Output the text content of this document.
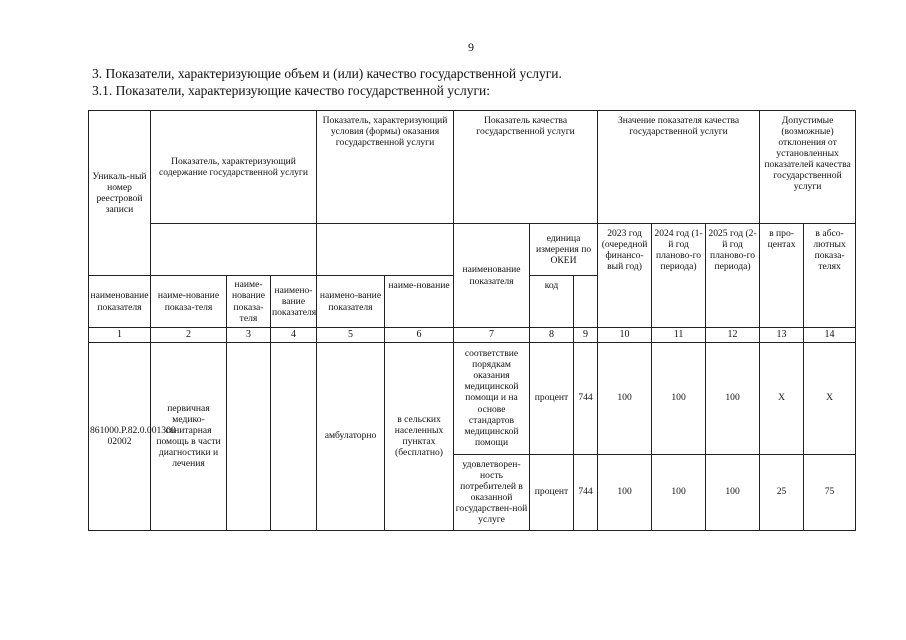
9
3. Показатели, характеризующие объем и (или) качество государственной услуги.
3.1. Показатели, характеризующие качество государственной услуги:
Уникаль-ный номер реестровой записи	Показатель, характеризующий содержание государственной услуги			Показатель, характеризующий условия (формы) оказания государственной услуги		Показатель качества государственной услуги			Значение показателя качества государственной услуги			Допустимые (возможные) отклонения от установленных показателей качества государственной услуги	
						наименование показателя	единица измерения по ОКЕИ		2023 год (очередной финансо-вый год)	2024 год (1-й год планово-го периода)	2025 год (2-й год планово-го периода)	в про-центах	в абсо-лютных показа-телях

наименование показателя	наиме-нование показа-теля	наиме-нование показа-теля	наимено-вание показателя	наимено-вание показателя	наиме-нование		код						
1	2	3	4	5	6	7	8	9	10	11	12	13	14
861000.Р.82.0.001300 02002	первичная медико-санитарная помощь в части диагностики и лечения			амбулаторно	в сельских населенных пунктах (бесплатно)	соответствие порядкам оказания медицинской помощи и на основе стандартов медицинской помощи	процент	744	100	100	100	X	X
						удовлетворен-ность потребителей в оказанной государствен-ной услуге	процент	744	100	100	100	25	75
